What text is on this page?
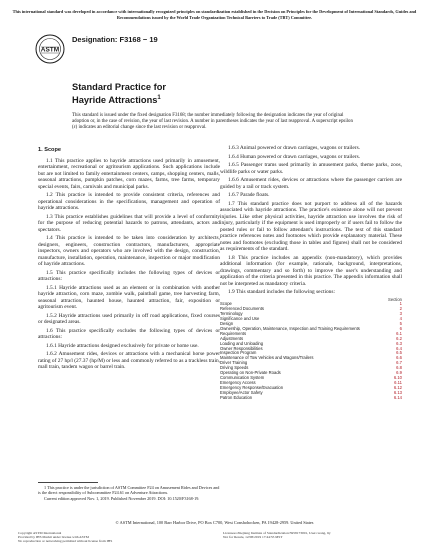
This international standard was developed in accordance with internationally recognized principles on standardization established in the Decision on Principles for the Development of International Standards, Guides and Recommendations issued by the World Trade Organization Technical Barriers to Trade (TBT) Committee.
ASTM
Designation: F3168 − 19
Standard Practice for
Hayride Attractions$^1$
This standard is issued under the fixed designation F3168; the number immediately following the designation indicates the year of original adoption or, in the case of revision, the year of last revision. A number in parentheses indicates the year of last reapproval. A superscript epsilon (ε) indicates an editorial change since the last revision or reapproval.
1. Scope

1.1 This practice applies to hayride attractions used primarily in amusement, entertainment, recreational or agritourism applications. Such applications include but are not limited to family entertainment centers, camps, shopping centers, malls, seasonal attractions, pumpkin patches, corn mazes, farms, tree farms, temporary special events, fairs, carnivals and municipal parks.

1.2 This practice is intended to provide consistent criteria, references and operational considerations in the specifications, management and operation of hayride attractions.

1.3 This practice establishes guidelines that will provide a level of conformity for the purpose of reducing potential hazards to patrons, attendants, actors and spectators.

1.4 This practice is intended to be taken into consideration by architects, designers, engineers, construction contractors, manufacturers, appropriate inspectors, owners and operators who are involved with the design, construction, manufacture, installation, operation, maintenance, inspection or major modification of hayride attractions.

1.5 This practice specifically includes the following types of devices or attractions:

1.5.1 Hayride attractions used as an element or in combination with another hayride attraction, corn maze, zombie walk, paintball game, tree harvesting farm, seasonal attraction, haunted house, haunted attraction, fair, exposition or agritourism event.

1.5.2 Hayride attractions used primarily in off road applications, fixed courses or designated areas.

1.6 This practice specifically excludes the following types of devices or attractions:

1.6.1 Hayride attractions designed exclusively for private or home use.

1.6.2 Amusement rides, devices or attractions with a mechanical horse power rating of 27 hp/l (27.37 (hp/M) or less and commonly referred to as a trackless train, mall train, tandem wagon or barrel train.

1.6.3 Animal powered or drawn carriages, wagons or trailers.

1.6.4 Human powered or drawn carriages, wagons or trailers.

1.6.5 Passenger trams used primarily in amusement parks, theme parks, zoos, wildlife parks or water parks.

1.6.6 Amusement rides, devices or attractions where the passenger carriers are guided by a rail or track system.

1.6.7 Parade floats.

1.7 This standard practice does not purport to address all of the hazards associated with hayride attractions. The practice's existence alone will not prevent injuries. Like other physical activities, hayride attraction use involves the risk of injury, particularly if the equipment is used improperly or if users fail to follow the posted rules or fail to follow attendant's instructions. The text of this standard practice references notes and footnotes which provide explanatory material. These notes and footnotes (excluding those in tables and figures) shall not be considered as requirements of the standard.

1.8 This practice includes an appendix (non-mandatory), which provides additional information (for example, rationale, background, interpretations, drawings, commentary and so forth) to improve the user's understanding and application of the criteria presented in this practice. The appendix information shall not be interpreted as mandatory criteria.

1.9 This standard includes the following sections:

Section
Scope	1
Referenced Documents	2
Terminology	3
Significance and Use	4
Design	5
Ownership, Operation, Maintenance, Inspection and Training Requirements	6
Requirements	6.1
Adjustments	6.2
Loading and Unloading	6.3
Owner Responsibilities	6.4
Inspection Program	6.5
Maintenance of Tow Vehicles and Wagons/Trailers	6.6
Driver Training	6.7
Driving Speeds	6.8
Operating on Non-Private Roads	6.9
Communication System	6.10
Emergency Access	6.11
Emergency Response/Evacuation	6.12
Employee/Actor Safety	6.13
Patron Education	6.14

1 This practice is under the jurisdiction of ASTM Committee F24 on Amusement Rides and Devices and is the direct responsibility of Subcommittee F24.61 on Adventure Attractions.

Current edition approved Nov. 1, 2019. Published November 2019. DOI: 10.1520/F3168-19.

© ASTM International, 100 Barr Harbor Drive, PO Box C700, West Conshohocken, PA 19428-2959. United States
Copyright ASTM International
Provided by IHS Markit under license with ASTM
No reproduction or networking permitted without license from IHS
Licensee=Zhejiang Institute of Standardization/5958173001, User=wang, liy
Not for Resale, 12/08/2019 17:44:55 MST
